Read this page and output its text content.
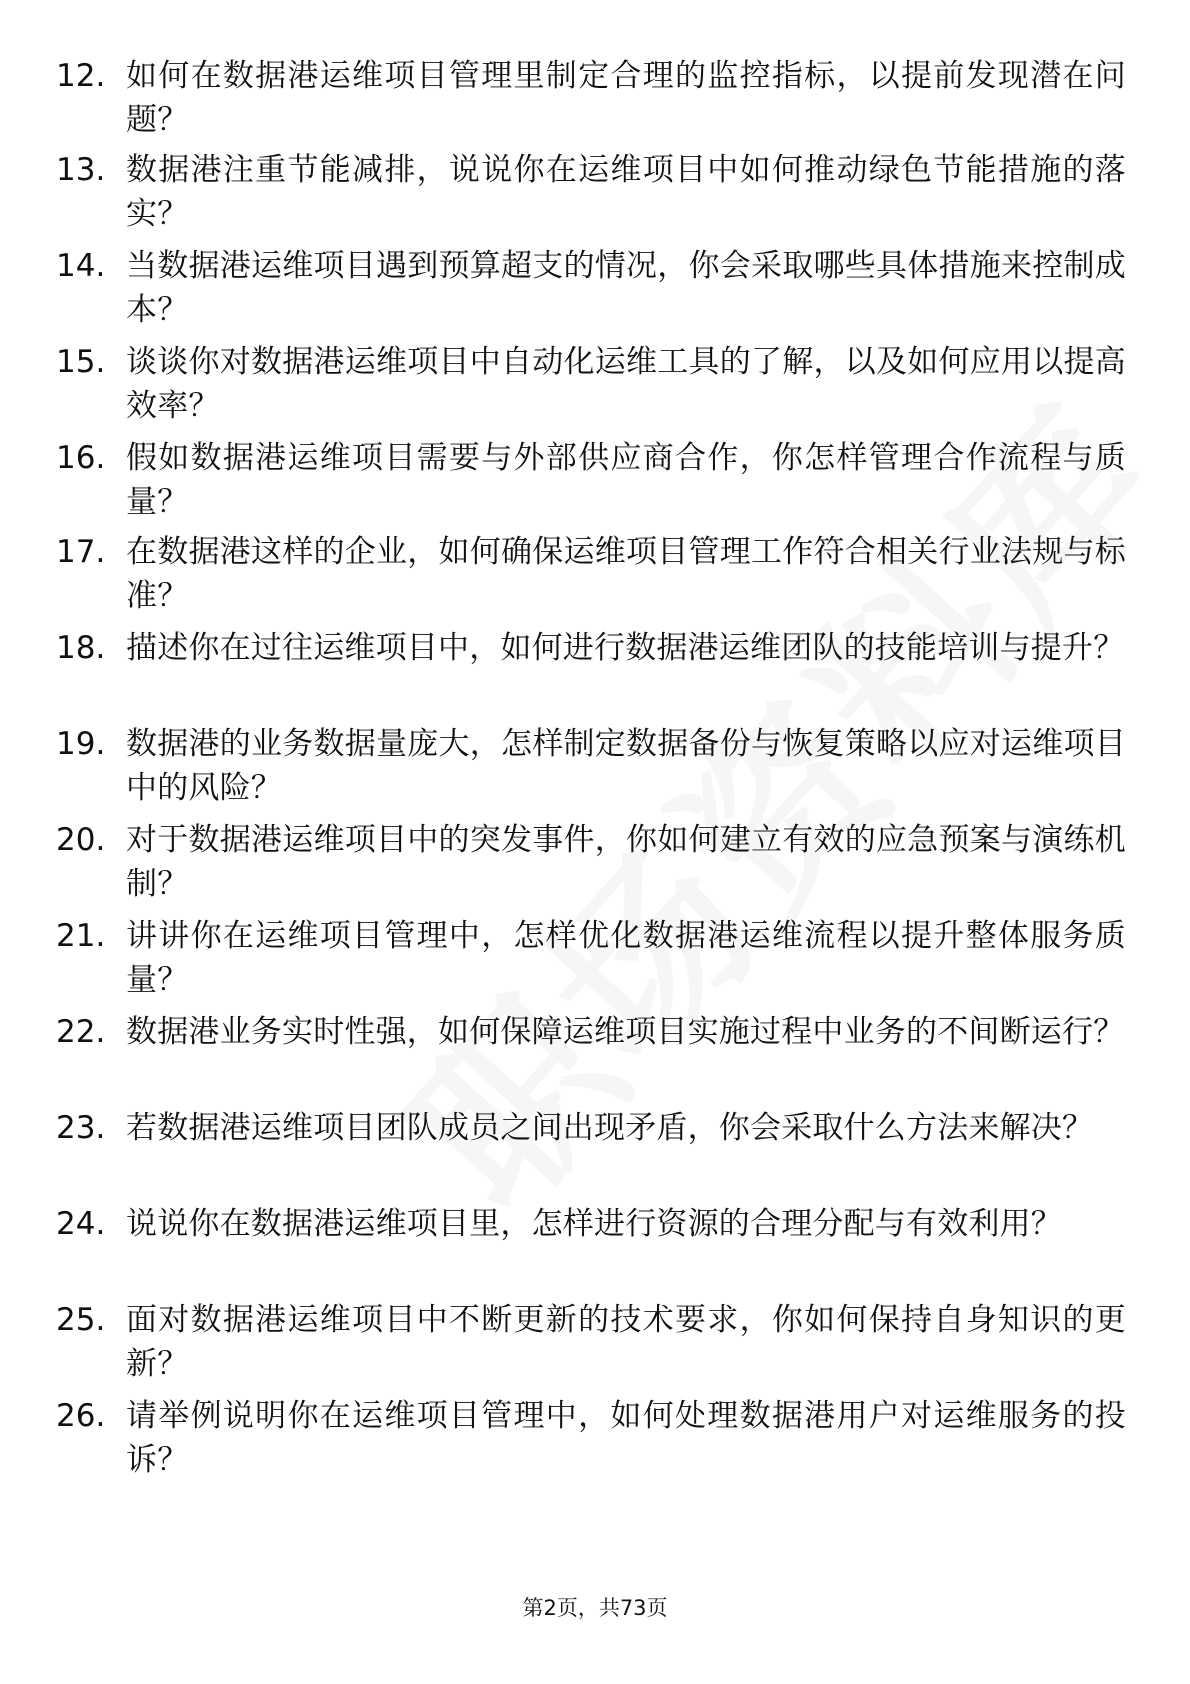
12. 如何在数据港运维项目管理里制定合理的监控指标，以提前发现潜在问题？
13. 数据港注重节能减排，说说你在运维项目中如何推动绿色节能措施的落实？
14. 当数据港运维项目遇到预算超支的情况，你会采取哪些具体措施来控制成本？
15. 谈谈你对数据港运维项目中自动化运维工具的了解，以及如何应用以提高效率？
16. 假如数据港运维项目需要与外部供应商合作，你怎样管理合作流程与质量？
17. 在数据港这样的企业，如何确保运维项目管理工作符合相关行业法规与标准？
18. 描述你在过往运维项目中，如何进行数据港运维团队的技能培训与提升？
19. 数据港的业务数据量庞大，怎样制定数据备份与恢复策略以应对运维项目中的风险？
20. 对于数据港运维项目中的突发事件，你如何建立有效的应急预案与演练机制？
21. 讲讲你在运维项目管理中，怎样优化数据港运维流程以提升整体服务质量？
22. 数据港业务实时性强，如何保障运维项目实施过程中业务的不间断运行？
23. 若数据港运维项目团队成员之间出现矛盾，你会采取什么方法来解决？
24. 说说你在数据港运维项目里，怎样进行资源的合理分配与有效利用？
25. 面对数据港运维项目中不断更新的技术要求，你如何保持自身知识的更新？
26. 请举例说明你在运维项目管理中，如何处理数据港用户对运维服务的投诉？
第2页，共73页
